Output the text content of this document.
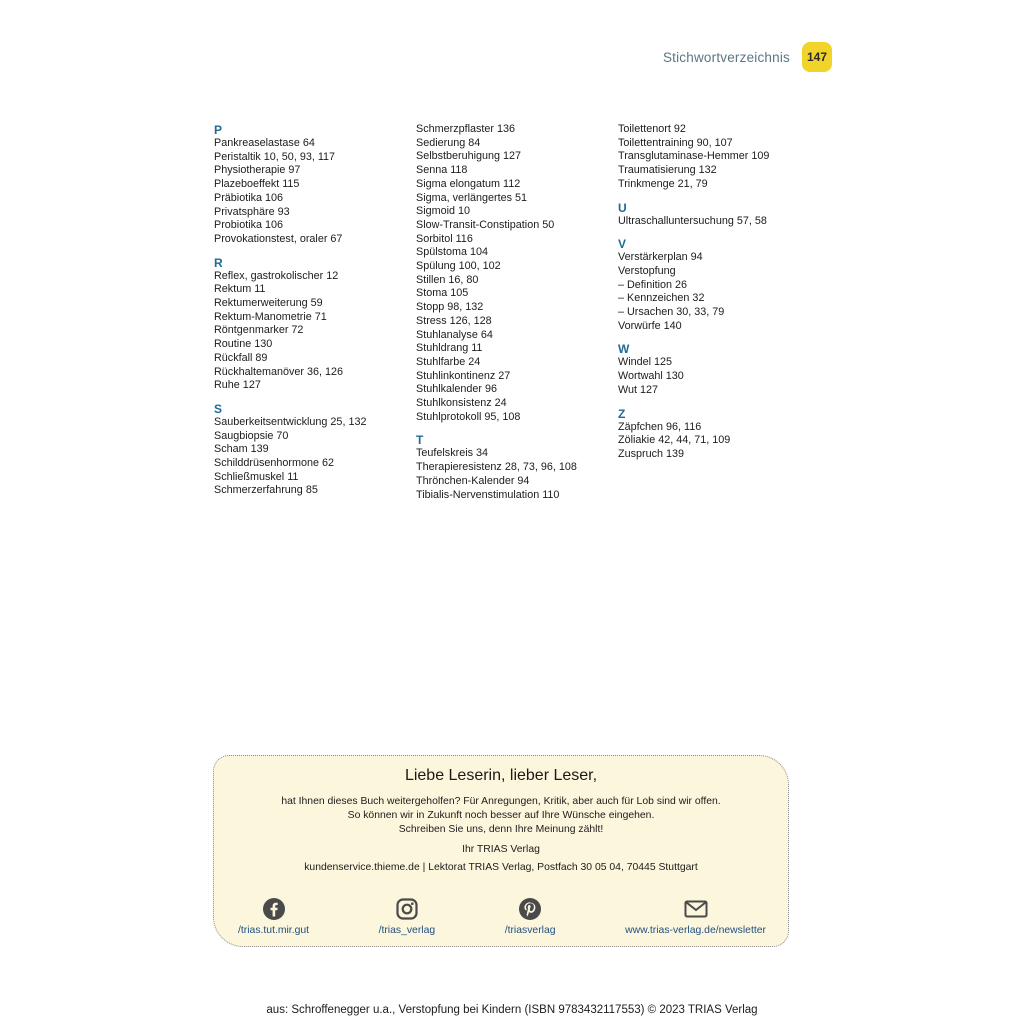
Stichwortverzeichnis	147
P
Pankreaselastase 64
Peristaltik 10, 50, 93, 117
Physiotherapie 97
Plazeboeffekt 115
Präbiotika 106
Privatsphäre 93
Probiotika 106
Provokationstest, oraler 67
R
Reflex, gastrokolischer 12
Rektum 11
Rektumerweiterung 59
Rektum-Manometrie 71
Röntgenmarker 72
Routine 130
Rückfall 89
Rückhaltemanöver 36, 126
Ruhe 127
S
Sauberkeitsentwicklung 25, 132
Saugbiopsie 70
Scham 139
Schilddrüsenhormone 62
Schließmuskel 11
Schmerzerfahrung 85
Schmerzpflaster 136
Sedierung 84
Selbstberuhigung 127
Senna 118
Sigma elongatum 112
Sigma, verlängertes 51
Sigmoid 10
Slow-Transit-Constipation 50
Sorbitol 116
Spülstoma 104
Spülung 100, 102
Stillen 16, 80
Stoma 105
Stopp 98, 132
Stress 126, 128
Stuhlanalyse 64
Stuhldrang 11
Stuhlfarbe 24
Stuhlinkontinenz 27
Stuhlkalender 96
Stuhlkonsistenz 24
Stuhlprotokoll 95, 108
T
Teufelskreis 34
Therapieresistenz 28, 73, 96, 108
Thrönchen-Kalender 94
Tibialis-Nervenstimulation 110
Toilettenort 92
Toilettentraining 90, 107
Transglutaminase-Hemmer 109
Traumatisierung 132
Trinkmenge 21, 79
U
Ultraschalluntersuchung 57, 58
V
Verstärkerplan 94
Verstopfung
– Definition 26
– Kennzeichen 32
– Ursachen 30, 33, 79
Vorwürfe 140
W
Windel 125
Wortwahl 130
Wut 127
Z
Zäpfchen 96, 116
Zöliakie 42, 44, 71, 109
Zuspruch 139
Liebe Leserin, lieber Leser,
hat Ihnen dieses Buch weitergeholfen? Für Anregungen, Kritik, aber auch für Lob sind wir offen.
So können wir in Zukunft noch besser auf Ihre Wünsche eingehen.
Schreiben Sie uns, denn Ihre Meinung zählt!
Ihr TRIAS Verlag
kundenservice.thieme.de | Lektorat TRIAS Verlag, Postfach 30 05 04, 70445 Stuttgart
/trias.tut.mir.gut	/trias_verlag	/triasverlag	www.trias-verlag.de/newsletter
aus: Schroffenegger u.a., Verstopfung bei Kindern (ISBN 9783432117553) © 2023 TRIAS Verlag
